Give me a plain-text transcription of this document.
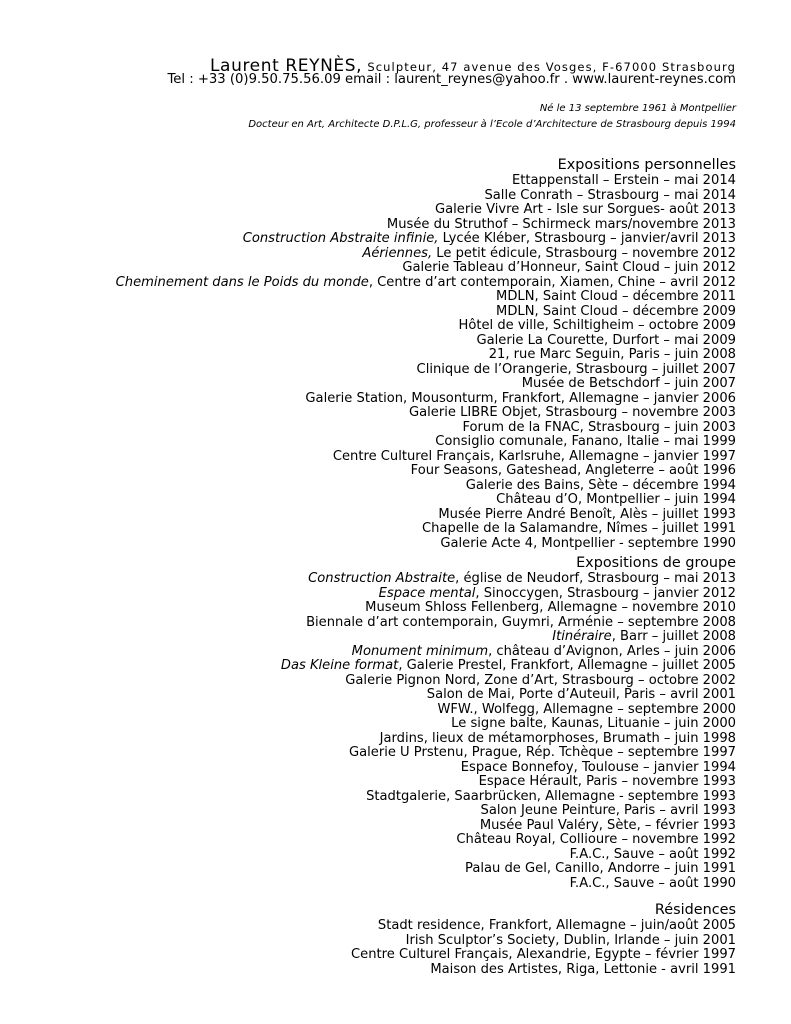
Laurent REYNÈS, Sculpteur, 47 avenue des Vosges, F-67000 Strasbourg
Tel : +33 (0)9.50.75.56.09 email : laurent_reynes@yahoo.fr . www.laurent-reynes.com
Né le 13 septembre 1961 à Montpellier
Docteur en Art, Architecte D.P.L.G, professeur à l’Ecole d’Architecture de Strasbourg depuis 1994
Expositions personnelles
Ettappenstall – Erstein – mai 2014
Salle Conrath – Strasbourg – mai 2014
Galerie Vivre Art - Isle sur Sorgues- août 2013
Musée du Struthof – Schirmeck mars/novembre 2013
Construction Abstraite infinie, Lycée Kléber, Strasbourg – janvier/avril 2013
Aériennes, Le petit édicule, Strasbourg – novembre 2012
Galerie Tableau d’Honneur, Saint Cloud – juin 2012
Cheminement dans le Poids du monde, Centre d’art contemporain, Xiamen, Chine – avril 2012
MDLN, Saint Cloud – décembre 2011
MDLN, Saint Cloud – décembre 2009
Hôtel de ville, Schiltigheim – octobre 2009
Galerie La Courette, Durfort – mai 2009
21, rue Marc Seguin, Paris – juin 2008
Clinique de l’Orangerie, Strasbourg – juillet 2007
Musée de Betschdorf – juin 2007
Galerie Station, Mousonturm, Frankfort, Allemagne – janvier 2006
Galerie LIBRE Objet, Strasbourg – novembre 2003
Forum de la FNAC, Strasbourg – juin 2003
Consiglio comunale, Fanano, Italie – mai 1999
Centre Culturel Français, Karlsruhe, Allemagne – janvier 1997
Four Seasons, Gateshead, Angleterre – août 1996
Galerie des Bains, Sète – décembre 1994
Château d’O, Montpellier – juin 1994
Musée Pierre André Benoît, Alès – juillet 1993
Chapelle de la Salamandre, Nîmes – juillet 1991
Galerie Acte 4, Montpellier - septembre 1990
Expositions de groupe
Construction Abstraite, église de Neudorf, Strasbourg – mai 2013
Espace mental, Sinoccygen, Strasbourg – janvier 2012
Museum Shloss Fellenberg, Allemagne – novembre 2010
Biennale d’art contemporain, Guymri, Arménie – septembre 2008
Itinéraire, Barr – juillet 2008
Monument minimum, château d’Avignon, Arles – juin 2006
Das Kleine format, Galerie Prestel, Frankfort, Allemagne – juillet 2005
Galerie Pignon Nord, Zone d’Art, Strasbourg – octobre 2002
Salon de Mai, Porte d’Auteuil, Paris – avril 2001
WFW., Wolfegg, Allemagne – septembre 2000
Le signe balte, Kaunas, Lituanie – juin 2000
Jardins, lieux de métamorphoses, Brumath – juin 1998
Galerie U Prstenu, Prague, Rép. Tchèque – septembre 1997
Espace Bonnefoy, Toulouse – janvier 1994
Espace Hérault, Paris – novembre 1993
Stadtgalerie, Saarbrücken, Allemagne - septembre 1993
Salon Jeune Peinture, Paris – avril 1993
Musée Paul Valéry, Sète, – février 1993
Château Royal, Collioure – novembre 1992
F.A.C., Sauve – août 1992
Palau de Gel, Canillo, Andorre – juin 1991
F.A.C., Sauve – août 1990
Résidences
Stadt residence, Frankfort, Allemagne – juin/août 2005
Irish Sculptor’s Society, Dublin, Irlande – juin 2001
Centre Culturel Français, Alexandrie, Egypte – février 1997
Maison des Artistes, Riga, Lettonie - avril 1991
